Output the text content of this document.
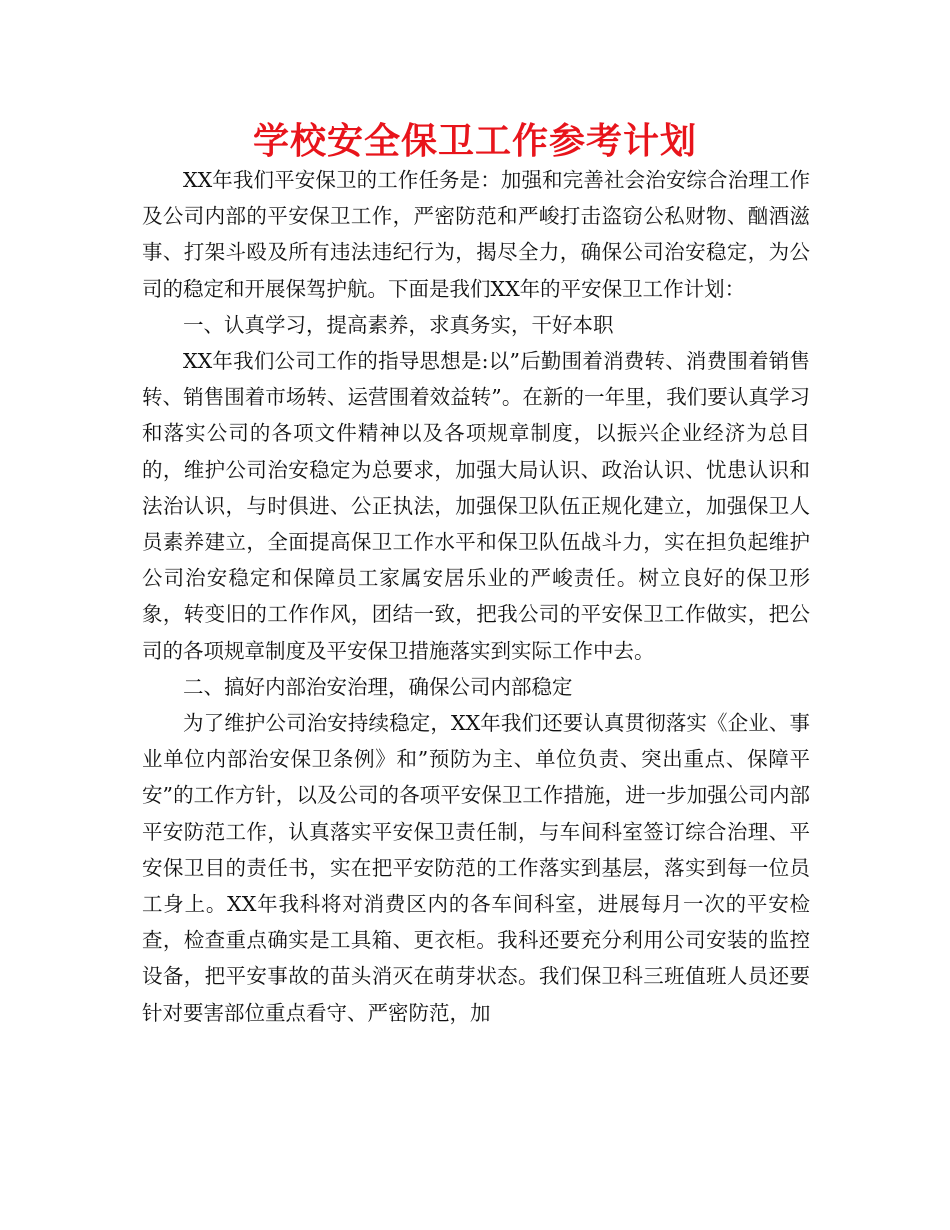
学校安全保卫工作参考计划

XX年我们平安保卫的工作任务是：加强和完善社会治安综合治理工作及公司内部的平安保卫工作，严密防范和严峻打击盗窃公私财物、酗酒滋事、打架斗殴及所有违法违纪行为，揭尽全力，确保公司治安稳定，为公司的稳定和开展保驾护航。下面是我们XX年的平安保卫工作计划：

一、认真学习，提高素养，求真务实，干好本职

XX年我们公司工作的指导思想是:以”后勤围着消费转、消费围着销售转、销售围着市场转、运营围着效益转”。在新的一年里，我们要认真学习和落实公司的各项文件精神以及各项规章制度，以振兴企业经济为总目的，维护公司治安稳定为总要求，加强大局认识、政治认识、忧患认识和法治认识，与时俱进、公正执法，加强保卫队伍正规化建立，加强保卫人员素养建立，全面提高保卫工作水平和保卫队伍战斗力，实在担负起维护公司治安稳定和保障员工家属安居乐业的严峻责任。树立良好的保卫形象，转变旧的工作作风，团结一致，把我公司的平安保卫工作做实，把公司的各项规章制度及平安保卫措施落实到实际工作中去。

二、搞好内部治安治理，确保公司内部稳定

为了维护公司治安持续稳定，XX年我们还要认真贯彻落实《企业、事业单位内部治安保卫条例》和”预防为主、单位负责、突出重点、保障平安”的工作方针，以及公司的各项平安保卫工作措施，进一步加强公司内部平安防范工作，认真落实平安保卫责任制，与车间科室签订综合治理、平安保卫目的责任书，实在把平安防范的工作落实到基层，落实到每一位员工身上。XX年我科将对消费区内的各车间科室，进展每月一次的平安检查，检查重点确实是工具箱、更衣柜。我科还要充分利用公司安装的监控设备，把平安事故的苗头消灭在萌芽状态。我们保卫科三班值班人员还要针对要害部位重点看守、严密防范，加
